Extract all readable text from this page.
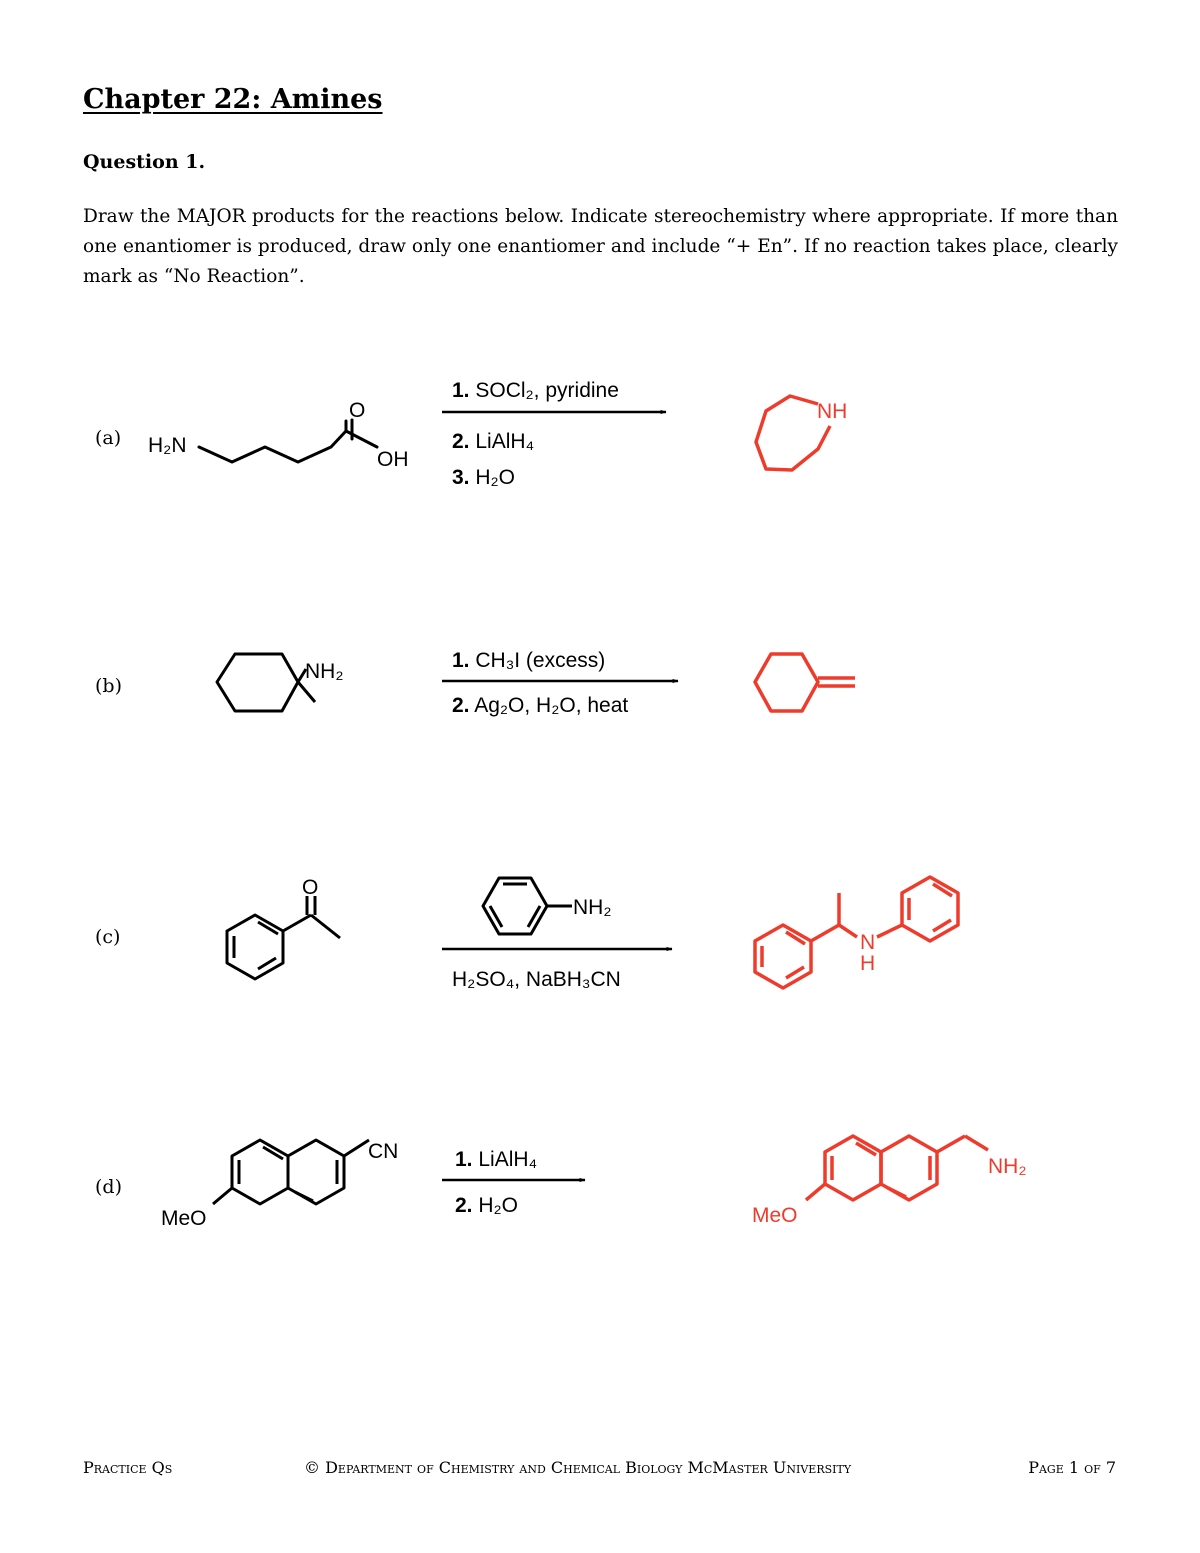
Chapter 22: Amines
Question 1.

Draw the MAJOR products for the reactions below. Indicate stereochemistry where appropriate. If more than one enantiomer is produced, draw only one enantiomer and include “+ En”. If no reaction takes place, clearly mark as “No Reaction”.

(a) H₂N
O
OH
1. SOCl₂, pyridine
2. LiAlH₄
3. H₂O
NH
(b)
NH₂	1. CH₃I (excess)
2. Ag₂O, H₂O, heat
(c)
O
NH₂
H₂SO₄, NaBH₃CN
N
H
(d)
CN
MeO
1. LiAlH₄
2. H₂O
NH₂
MeO

Practice Qs	© Department of Chemistry and Chemical Biology McMaster University	Page 1 of 7
